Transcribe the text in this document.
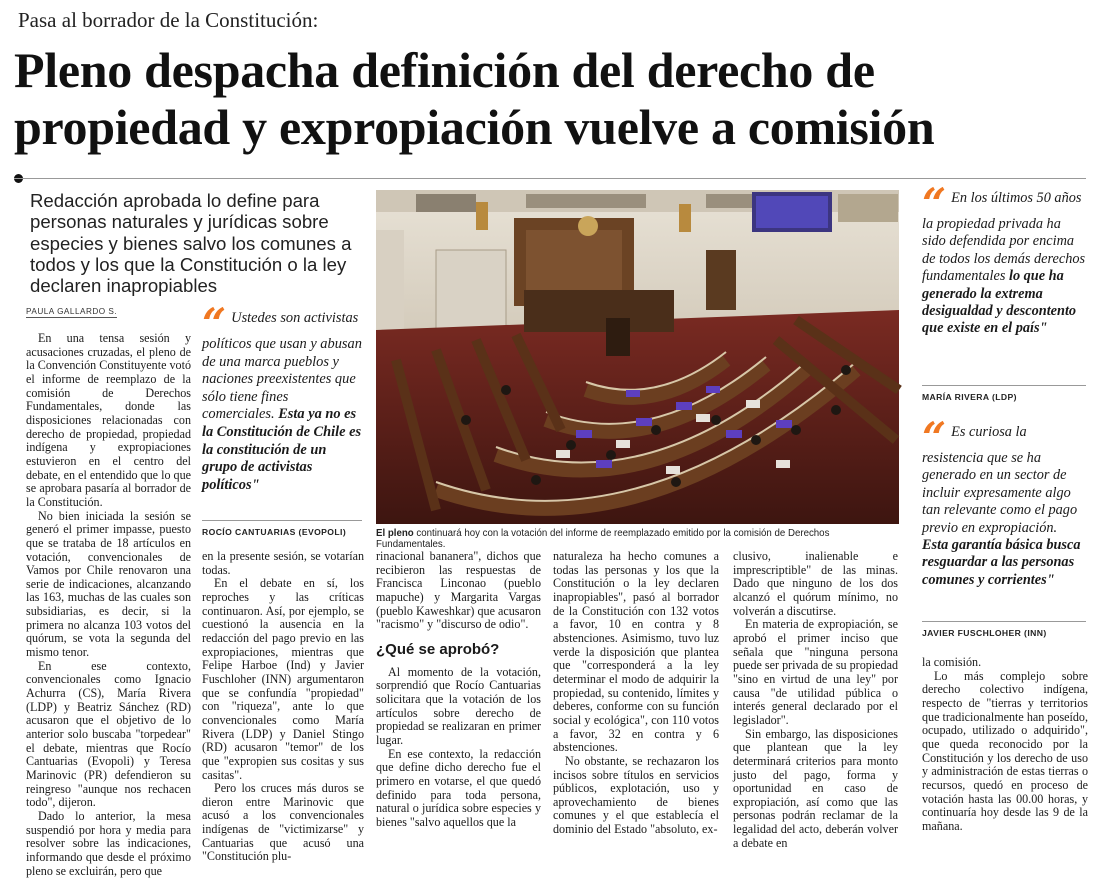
Pasa al borrador de la Constitución:
Pleno despacha definición del derecho de propiedad y expropiación vuelve a comisión
Redacción aprobada lo define para personas naturales y jurídicas sobre especies y bienes salvo los comunes a todos y los que la Constitución o la ley declaren inapropiables
PAULA GALLARDO S. “ Ustedes son activistas políticos que usan y abusan de una marca pueblos y naciones preexistentes que sólo tiene fines comerciales. Esta ya no es la Constitución de Chile es la constitución de un grupo de activistas políticos"
ROCÍO CANTUARIAS (EVOPOLI)	El pleno continuará hoy con la votación del informe de reemplazado emitido por la comisión de Derechos Fundamentales.
“ En los últimos 50 años la propiedad privada ha sido defendida por encima de todos los demás derechos fundamentales lo que ha generado la extrema desigualdad y descontento que existe en el país"
MARÍA RIVERA (LDP)
“ Es curiosa la resistencia que se ha generado en un sector de incluir expresamente algo tan relevante como el pago previo en expropiación. Esta garantía básica busca resguardar a las personas comunes y corrientes"
JAVIER FUSCHLOHER (INN)

En una tensa sesión y acusaciones cruzadas, el pleno de la Convención Constituyente votó el informe de reemplazo de la comisión de Derechos Fundamentales, donde las disposiciones relacionadas con derecho de propiedad, propiedad indígena y expropiaciones estuvieron en el centro del debate, en el entendido que lo que se aprobara pasaría al borrador de la Constitución.

No bien iniciada la sesión se generó el primer impasse, puesto que se trataba de 18 artículos en votación, convencionales de Vamos por Chile renovaron una serie de indicaciones, alcanzando las 163, muchas de las cuales son subsidiarias, es decir, si la primera no alcanza 103 votos del quórum, se vota la segunda del mismo tenor.

En ese contexto, convencionales como Ignacio Achurra (CS), María Rivera (LDP) y Beatriz Sánchez (RD) acusaron que el objetivo de lo anterior solo buscaba "torpedear" el debate, mientras que Rocío Cantuarias (Evopoli) y Teresa Marinovic (PR) defendieron su reingreso "aunque nos rechacen todo", dijeron.

Dado lo anterior, la mesa suspendió por hora y media para resolver sobre las indicaciones, informando que desde el próximo pleno se excluirán, pero que

en la presente sesión, se votarían todas.

En el debate en sí, los reproches y las críticas continuaron. Así, por ejemplo, se cuestionó la ausencia en la redacción del pago previo en las expropiaciones, mientras que Felipe Harboe (Ind) y Javier Fuschloher (INN) argumentaron que se confundía "propiedad" con "riqueza", ante lo que convencionales como María Rivera (LDP) y Daniel Stingo (RD) acusaron "temor" de los que "expropien sus cositas y sus casitas".

Pero los cruces más duros se dieron entre Marinovic que acusó a los convencionales indígenas de "victimizarse" y Cantuarias que acusó una "Constitución plu-

rinacional bananera", dichos que recibieron las respuestas de Francisca Linconao (pueblo mapuche) y Margarita Vargas (pueblo Kaweshkar) que acusaron "racismo" y "discurso de odio".

¿Qué se aprobó?

Al momento de la votación, sorprendió que Rocío Cantuarias solicitara que la votación de los artículos sobre derecho de propiedad se realizaran en primer lugar.

En ese contexto, la redacción que define dicho derecho fue el primero en votarse, el que quedó definido para toda persona, natural o jurídica sobre especies y bienes "salvo aquellos que la

naturaleza ha hecho comunes a todas las personas y los que la Constitución o la ley declaren inapropiables", pasó al borrador de la Constitución con 132 votos a favor, 10 en contra y 8 abstenciones. Asimismo, tuvo luz verde la disposición que plantea que "corresponderá a la ley determinar el modo de adquirir la propiedad, su contenido, límites y deberes, conforme con su función social y ecológica", con 110 votos a favor, 32 en contra y 6 abstenciones.

No obstante, se rechazaron los incisos sobre títulos en servicios públicos, explotación, uso y aprovechamiento de bienes comunes y el que establecía el dominio del Estado "absoluto, ex-

clusivo, inalienable e imprescriptible" de las minas. Dado que ninguno de los dos alcanzó el quórum mínimo, no volverán a discutirse.

En materia de expropiación, se aprobó el primer inciso que señala que "ninguna persona puede ser privada de su propiedad "sino en virtud de una ley" por causa "de utilidad pública o interés general declarado por el legislador".

Sin embargo, las disposiciones que plantean que la ley determinará criterios para monto justo del pago, forma y oportunidad en caso de expropiación, así como que las personas podrán reclamar de la legalidad del acto, deberán volver a debate en

la comisión.

Lo más complejo sobre derecho colectivo indígena, respecto de "tierras y territorios que tradicionalmente han poseído, ocupado, utilizado o adquirido", que queda reconocido por la Constitución y los derecho de uso y administración de estas tierras o recursos, quedó en proceso de votación hasta las 00.00 horas, y continuaría hoy desde las 9 de la mañana.
